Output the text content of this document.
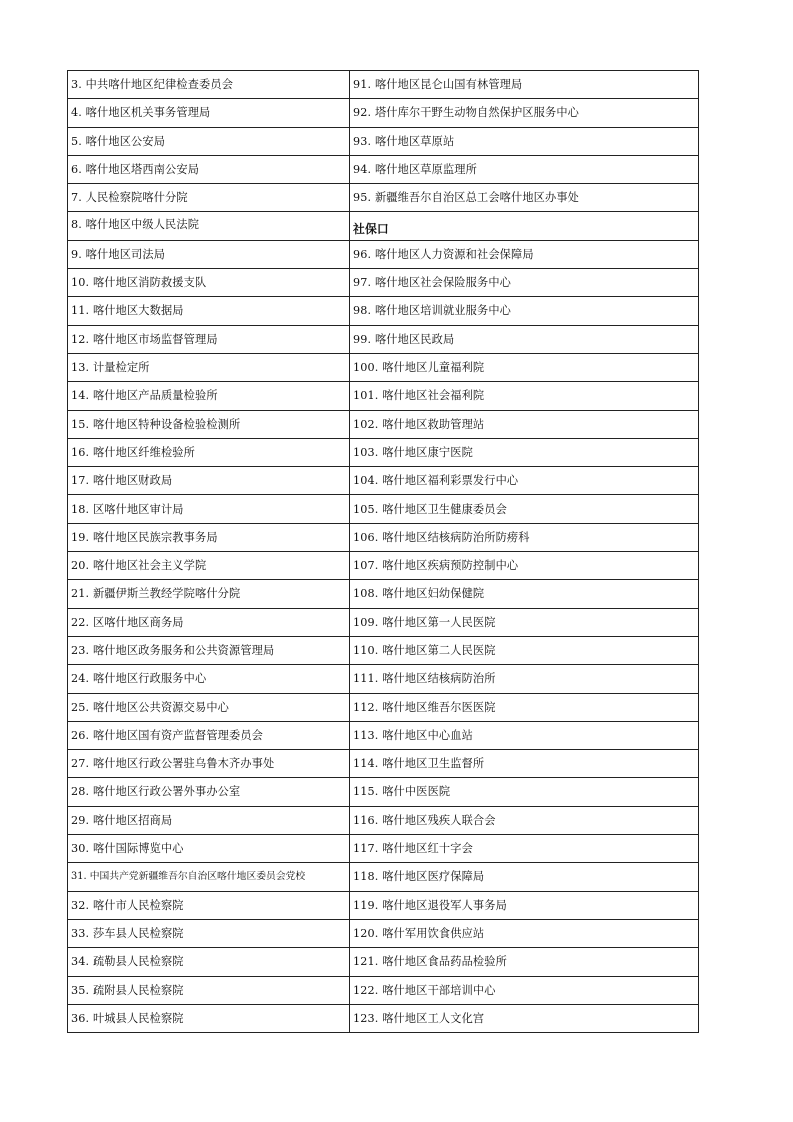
3. 中共喀什地区纪律检查委员会	91. 喀什地区昆仑山国有林管理局
4. 喀什地区机关事务管理局	92. 塔什库尔干野生动物自然保护区服务中心
5. 喀什地区公安局	93. 喀什地区草原站
6. 喀什地区塔西南公安局	94. 喀什地区草原监理所
7. 人民检察院喀什分院	95. 新疆维吾尔自治区总工会喀什地区办事处
8. 喀什地区中级人民法院	社保口
9. 喀什地区司法局	96. 喀什地区人力资源和社会保障局
10. 喀什地区消防救援支队	97. 喀什地区社会保险服务中心
11. 喀什地区大数据局	98. 喀什地区培训就业服务中心
12. 喀什地区市场监督管理局	99. 喀什地区民政局
13. 计量检定所	100. 喀什地区儿童福利院
14. 喀什地区产品质量检验所	101. 喀什地区社会福利院
15. 喀什地区特种设备检验检测所	102. 喀什地区救助管理站
16. 喀什地区纤维检验所	103. 喀什地区康宁医院
17. 喀什地区财政局	104. 喀什地区福利彩票发行中心
18. 区喀什地区审计局	105. 喀什地区卫生健康委员会
19. 喀什地区民族宗教事务局	106. 喀什地区结核病防治所防痨科
20. 喀什地区社会主义学院	107. 喀什地区疾病预防控制中心
21. 新疆伊斯兰教经学院喀什分院	108. 喀什地区妇幼保健院
22. 区喀什地区商务局	109. 喀什地区第一人民医院
23. 喀什地区政务服务和公共资源管理局	110. 喀什地区第二人民医院
24. 喀什地区行政服务中心	111. 喀什地区结核病防治所
25. 喀什地区公共资源交易中心	112. 喀什地区维吾尔医医院
26. 喀什地区国有资产监督管理委员会	113. 喀什地区中心血站
27. 喀什地区行政公署驻乌鲁木齐办事处	114. 喀什地区卫生监督所
28. 喀什地区行政公署外事办公室	115. 喀什中医医院
29. 喀什地区招商局	116. 喀什地区残疾人联合会
30. 喀什国际博览中心	117. 喀什地区红十字会
31. 中国共产党新疆维吾尔自治区喀什地区委员会党校	118. 喀什地区医疗保障局
32. 喀什市人民检察院	119. 喀什地区退役军人事务局
33. 莎车县人民检察院	120. 喀什军用饮食供应站
34. 疏勒县人民检察院	121. 喀什地区食品药品检验所
35. 疏附县人民检察院	122. 喀什地区干部培训中心
36. 叶城县人民检察院	123. 喀什地区工人文化宫
